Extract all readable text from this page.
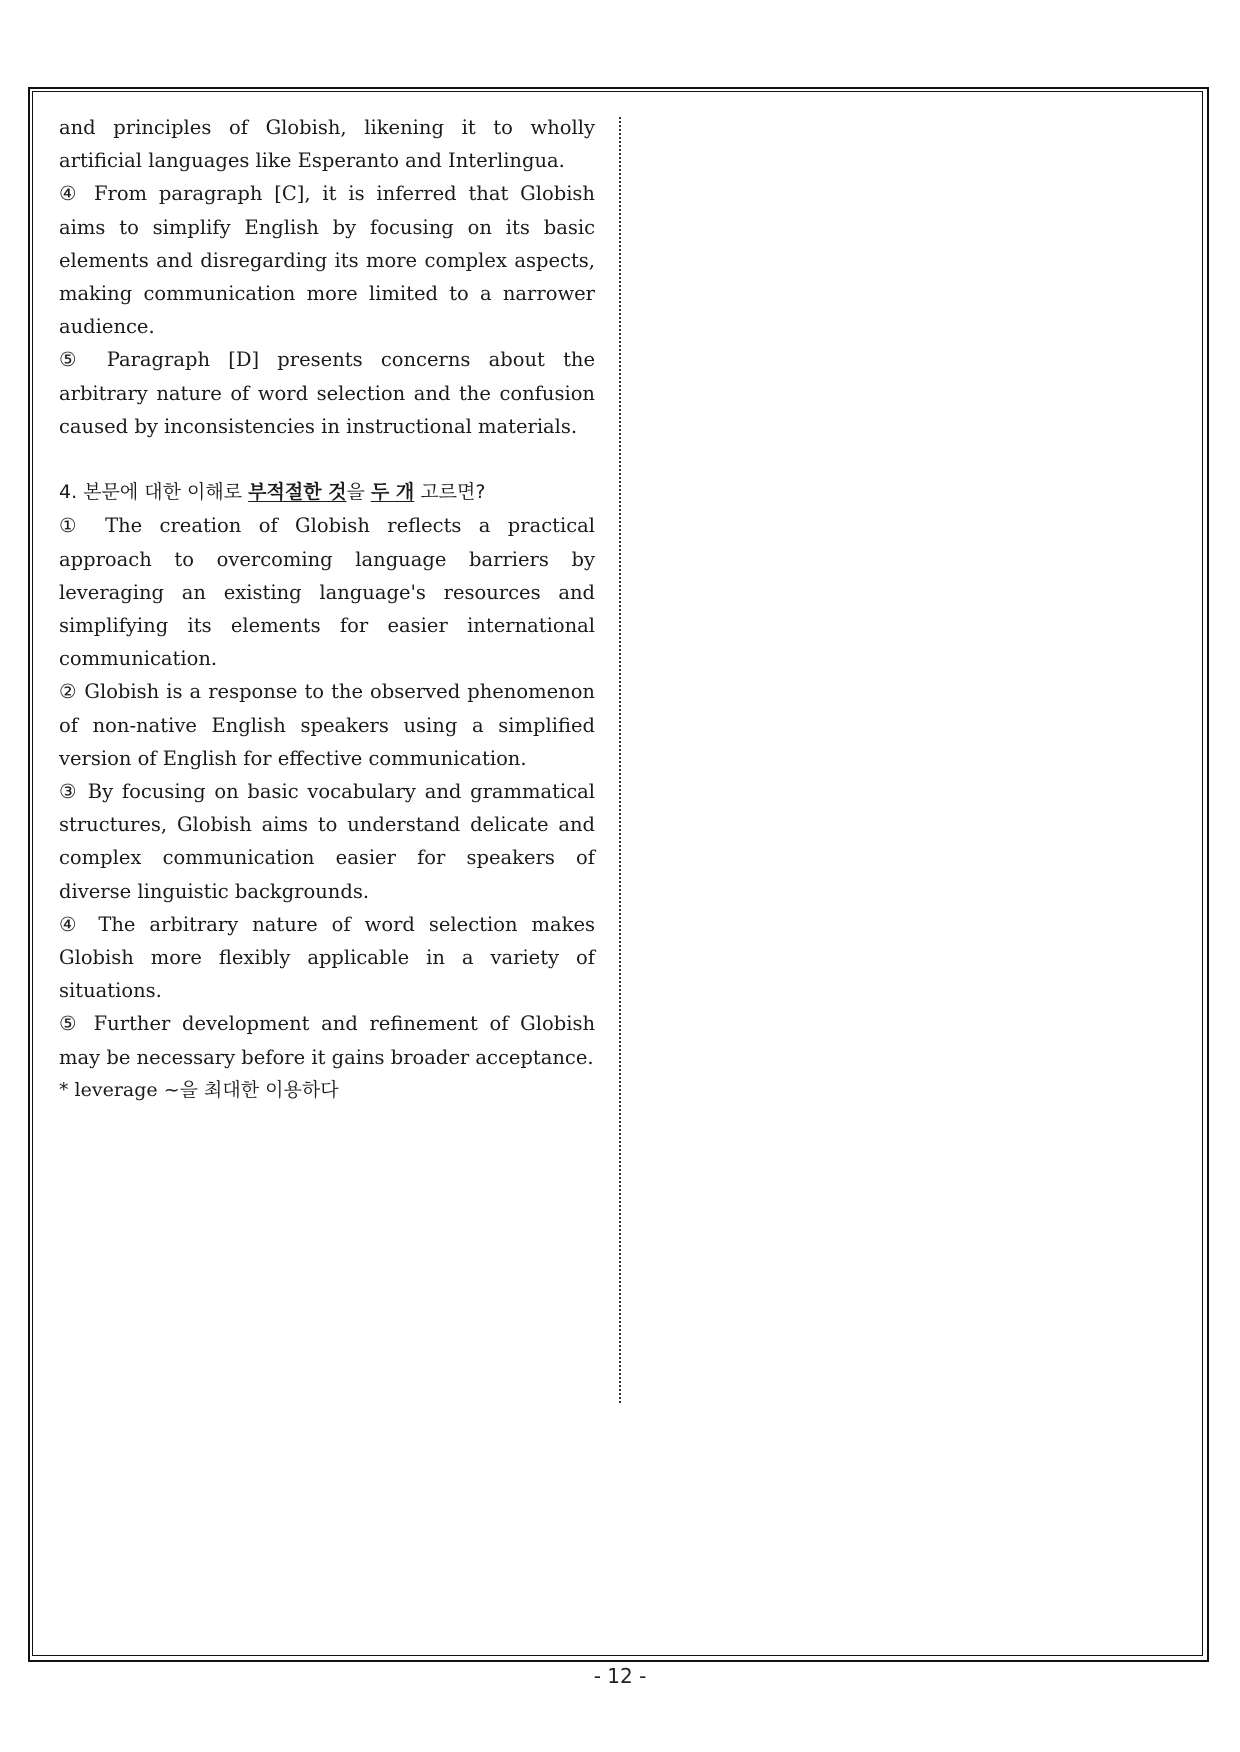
and principles of Globish, likening it to wholly artificial languages like Esperanto and Interlingua.

④ From paragraph [C], it is inferred that Globish aims to simplify English by focusing on its basic elements and disregarding its more complex aspects, making communication more limited to a narrower audience.

⑤ Paragraph [D] presents concerns about the arbitrary nature of word selection and the confusion caused by inconsistencies in instructional materials.

4. 본문에 대한 이해로 부적절한 것을 두 개 고르면?

① The creation of Globish reflects a practical approach to overcoming language barriers by leveraging an existing language's resources and simplifying its elements for easier international communication.

② Globish is a response to the observed phenomenon of non-native English speakers using a simplified version of English for effective communication.

③ By focusing on basic vocabulary and grammatical structures, Globish aims to understand delicate and complex communication easier for speakers of diverse linguistic backgrounds.

④ The arbitrary nature of word selection makes Globish more flexibly applicable in a variety of situations.

⑤ Further development and refinement of Globish may be necessary before it gains broader acceptance.

* leverage ~을 최대한 이용하다

- 12 -
